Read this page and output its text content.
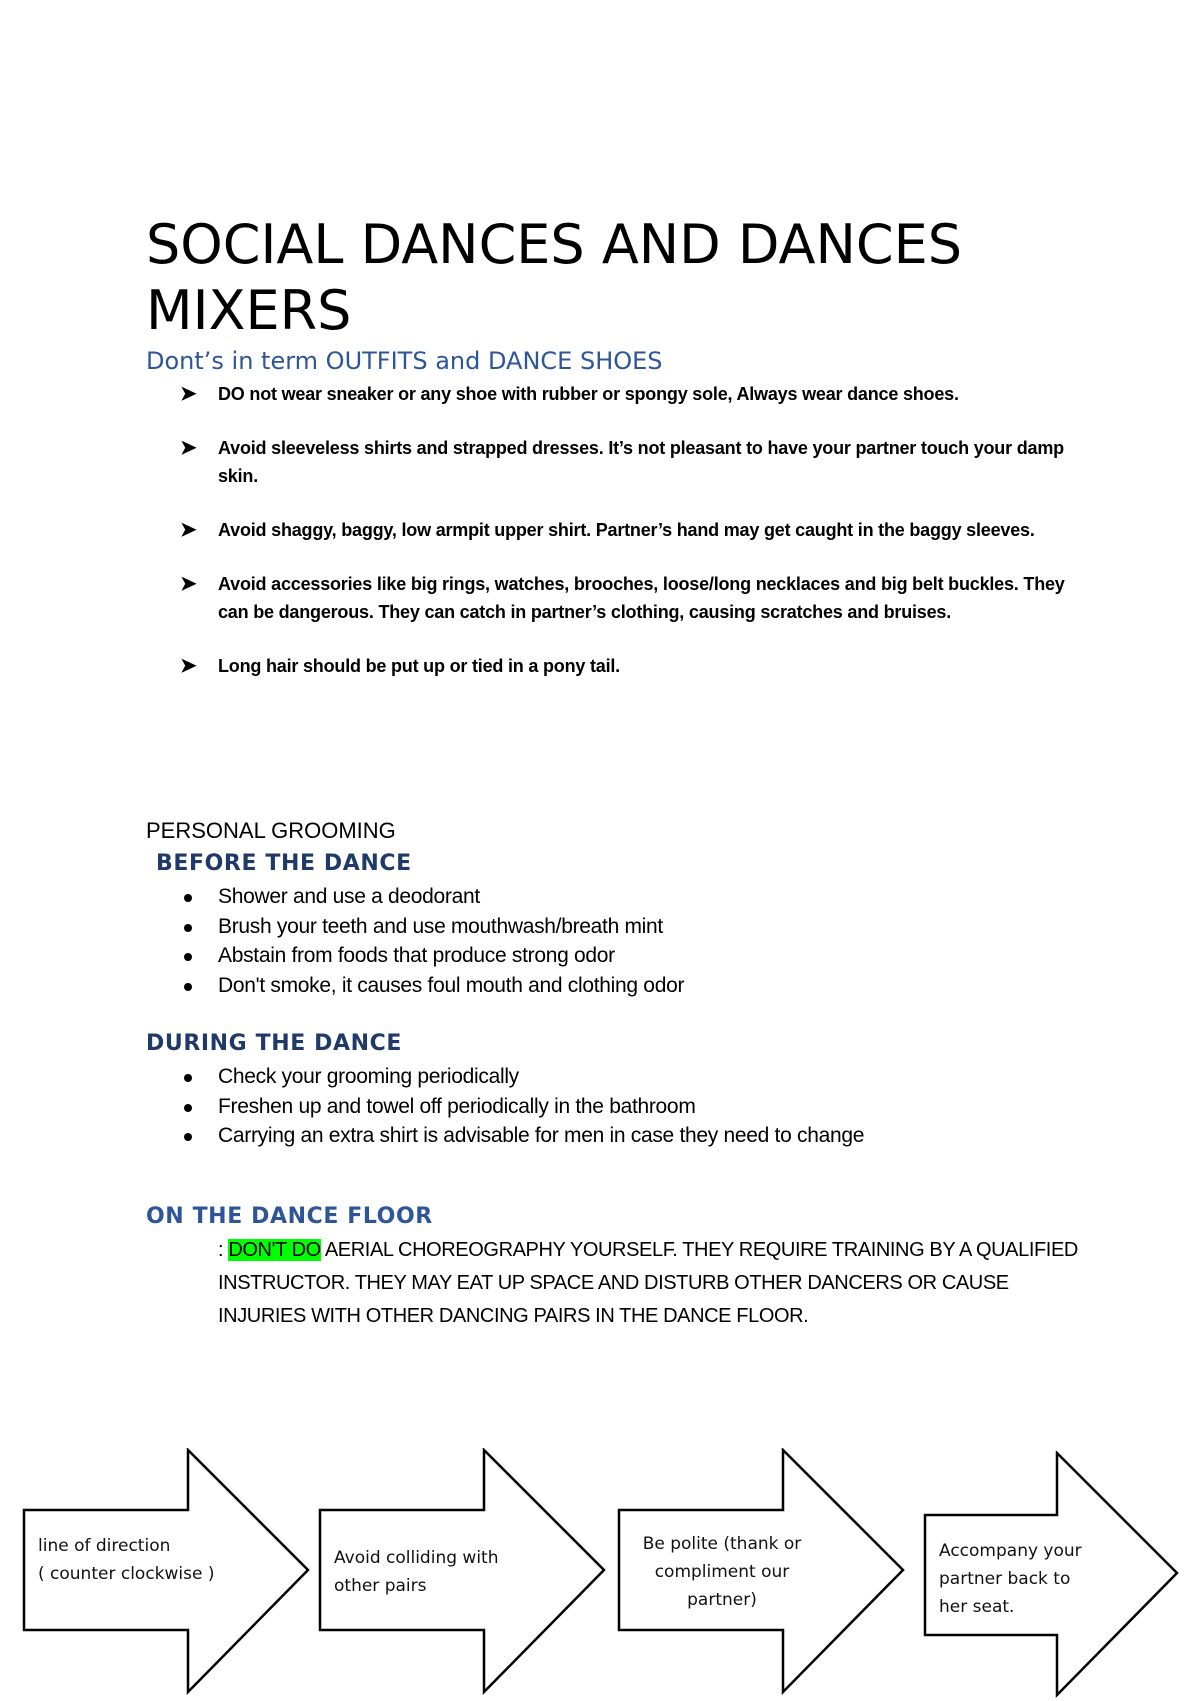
SOCIAL DANCES AND DANCES MIXERS
Dont’s in term OUTFITS and DANCE SHOES
➤ DO not wear sneaker or any shoe with rubber or spongy sole, Always wear dance shoes.
➤ Avoid sleeveless shirts and strapped dresses. It’s not pleasant to have your partner touch your damp skin.
➤ Avoid shaggy, baggy, low armpit upper shirt. Partner’s hand may get caught in the baggy sleeves.
➤ Avoid accessories like big rings, watches, brooches, loose/long necklaces and big belt buckles. They can be dangerous. They can catch in partner’s clothing, causing scratches and bruises.
➤ Long hair should be put up or tied in a pony tail.
PERSONAL GROOMING
BEFORE THE DANCE
Shower and use a deodorant
Brush your teeth and use mouthwash/breath mint
Abstain from foods that produce strong odor
Don't smoke, it causes foul mouth and clothing odor
DURING THE DANCE
Check your grooming periodically
Freshen up and towel off periodically in the bathroom
Carrying an extra shirt is advisable for men in case they need to change
ON THE DANCE FLOOR
: DON'T DO AERIAL CHOREOGRAPHY YOURSELF. THEY REQUIRE TRAINING BY A QUALIFIED INSTRUCTOR. THEY MAY EAT UP SPACE AND DISTURB OTHER DANCERS OR CAUSE INJURIES WITH OTHER DANCING PAIRS IN THE DANCE FLOOR.
line of direction
( counter clockwise )
Avoid colliding with
other pairs
Be polite (thank or
compliment our
partner)
Accompany your
partner back to
her seat.
